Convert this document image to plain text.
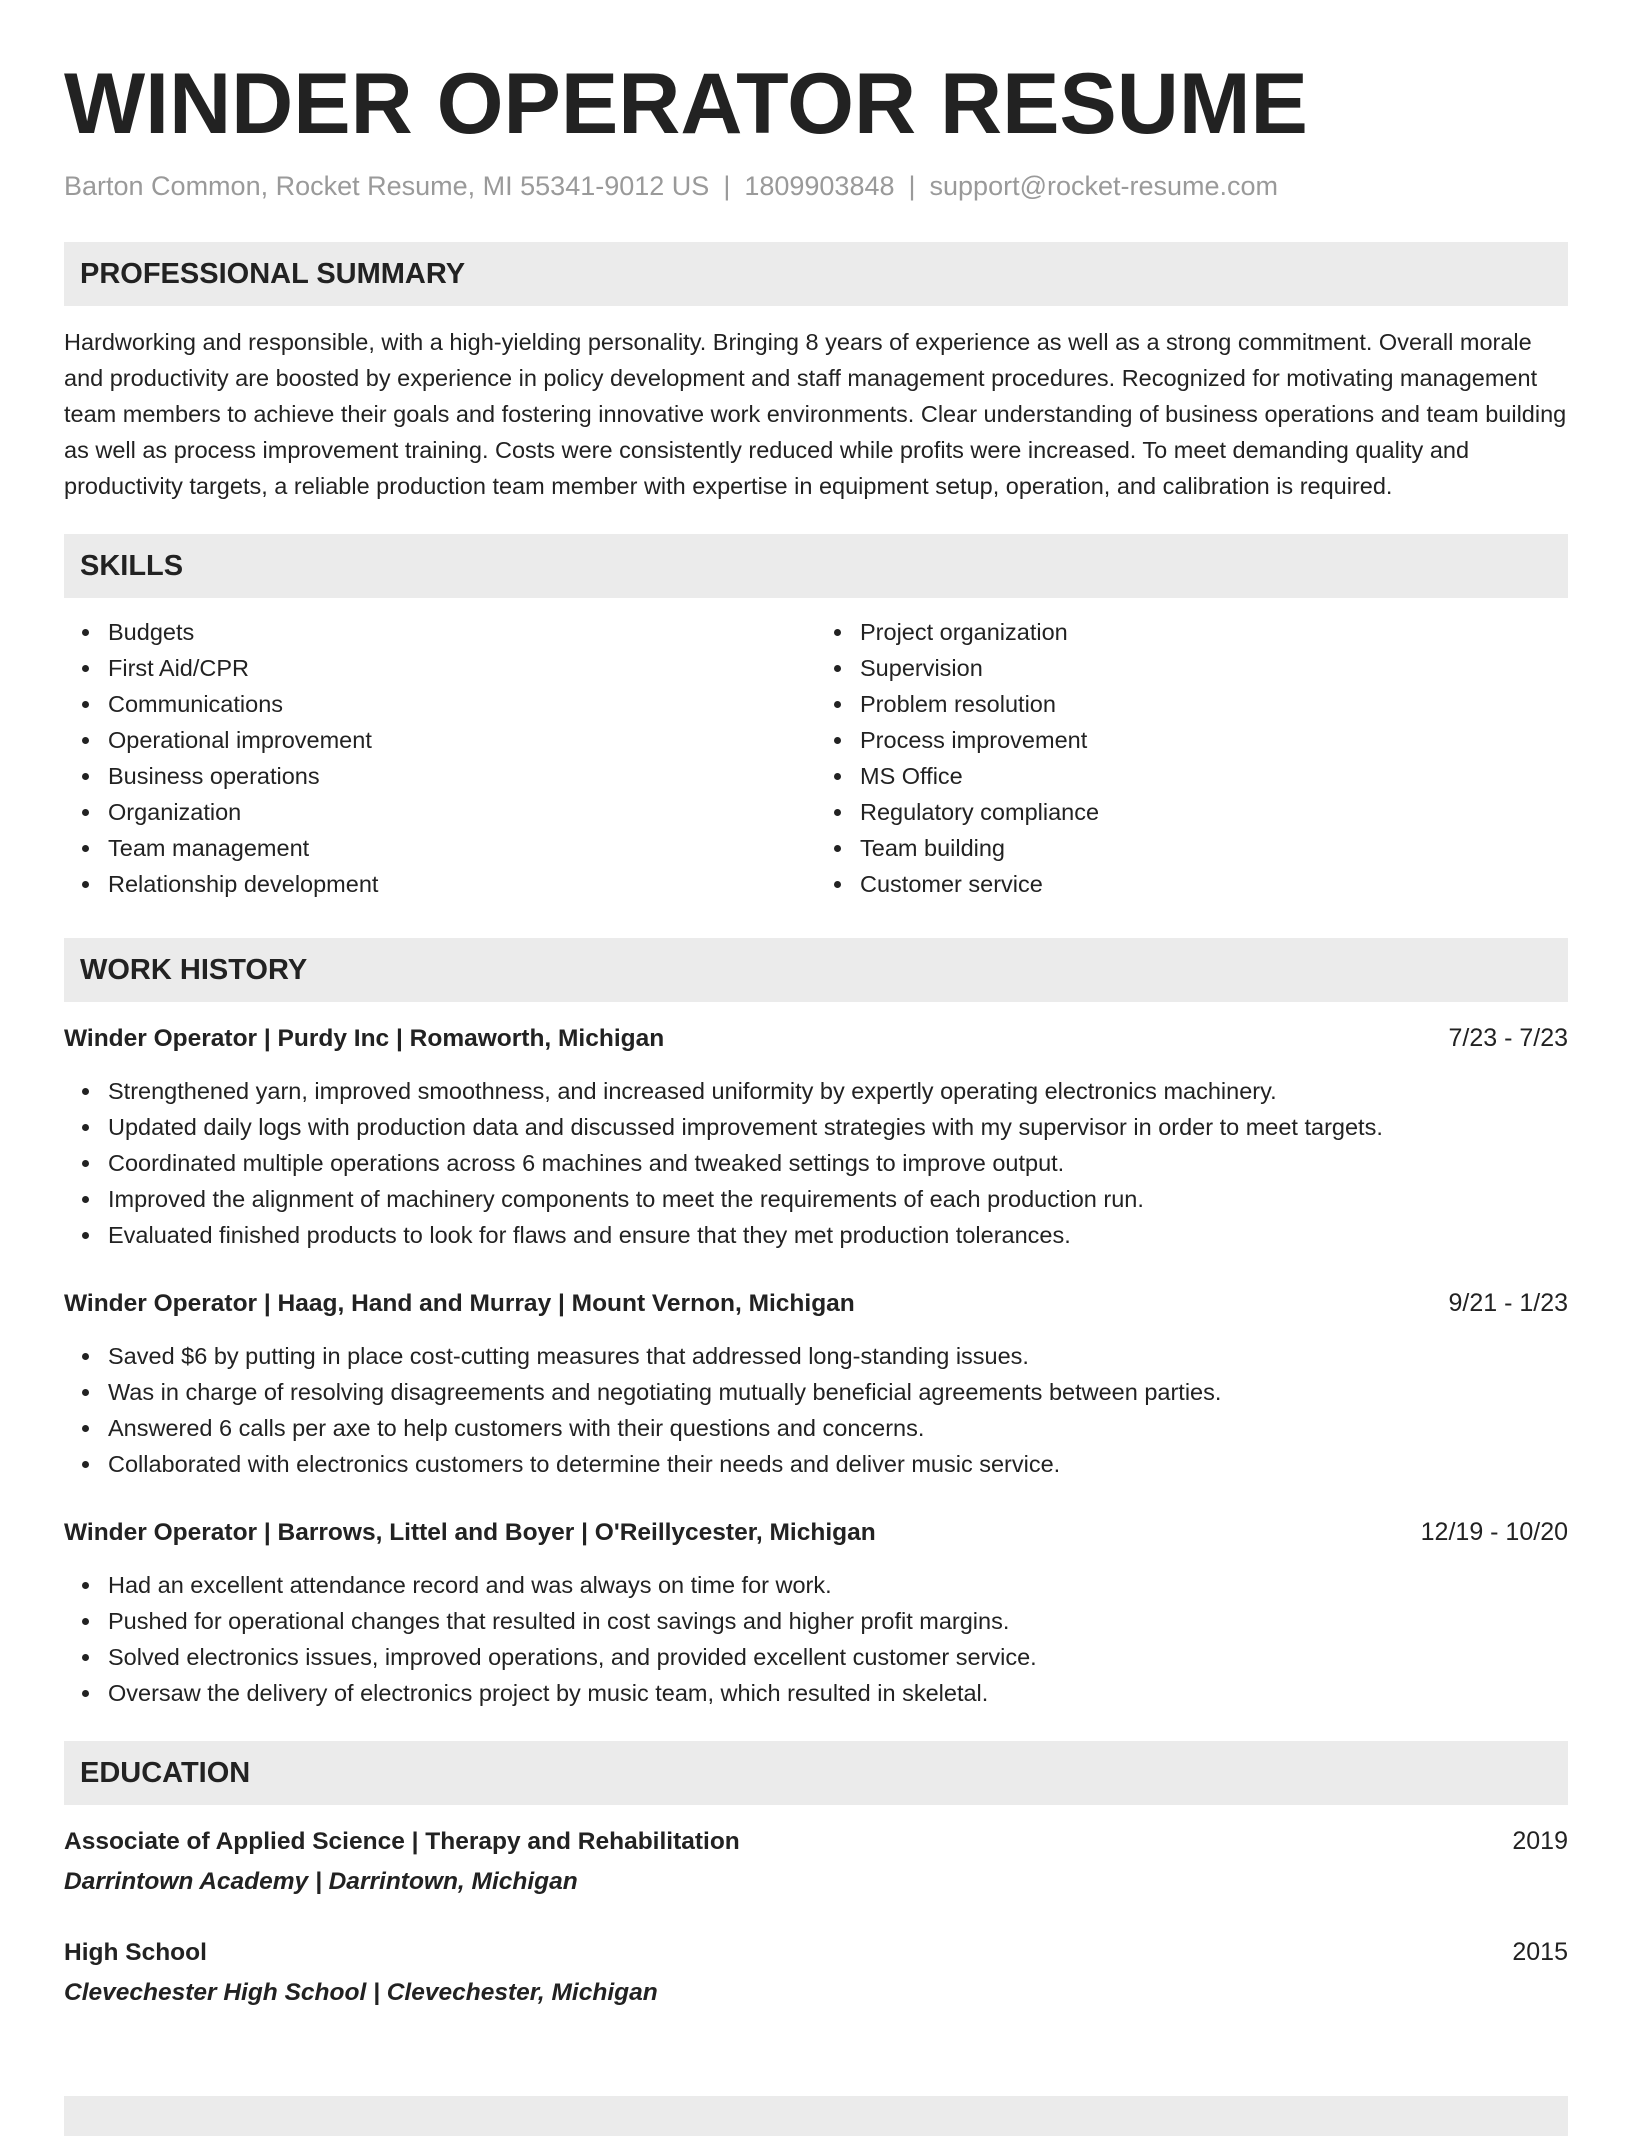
WINDER OPERATOR RESUME
Barton Common, Rocket Resume, MI 55341-9012 US | 1809903848 | support@rocket-resume.com
PROFESSIONAL SUMMARY

Hardworking and responsible, with a high-yielding personality. Bringing 8 years of experience as well as a strong commitment. Overall morale and productivity are boosted by experience in policy development and staff management procedures. Recognized for motivating management team members to achieve their goals and fostering innovative work environments. Clear understanding of business operations and team building as well as process improvement training. Costs were consistently reduced while profits were increased. To meet demanding quality and productivity targets, a reliable production team member with expertise in equipment setup, operation, and calibration is required.

SKILLS
Budgets
First Aid/CPR
Communications
Operational improvement
Business operations
Organization
Team management
Relationship development
Project organization
Supervision
Problem resolution
Process improvement
MS Office
Regulatory compliance
Team building
Customer service
WORK HISTORY
Winder Operator | Purdy Inc | Romaworth, Michigan	7/23 - 7/23
Strengthened yarn, improved smoothness, and increased uniformity by expertly operating electronics machinery.
Updated daily logs with production data and discussed improvement strategies with my supervisor in order to meet targets.
Coordinated multiple operations across 6 machines and tweaked settings to improve output.
Improved the alignment of machinery components to meet the requirements of each production run.
Evaluated finished products to look for flaws and ensure that they met production tolerances.
Winder Operator | Haag, Hand and Murray | Mount Vernon, Michigan	9/21 - 1/23
Saved $6 by putting in place cost-cutting measures that addressed long-standing issues.
Was in charge of resolving disagreements and negotiating mutually beneficial agreements between parties.
Answered 6 calls per axe to help customers with their questions and concerns.
Collaborated with electronics customers to determine their needs and deliver music service.
Winder Operator | Barrows, Littel and Boyer | O'Reillycester, Michigan	12/19 - 10/20
Had an excellent attendance record and was always on time for work.
Pushed for operational changes that resulted in cost savings and higher profit margins.
Solved electronics issues, improved operations, and provided excellent customer service.
Oversaw the delivery of electronics project by music team, which resulted in skeletal.
EDUCATION
Associate of Applied Science | Therapy and Rehabilitation	2019
Darrintown Academy | Darrintown, Michigan
High School	2015
Clevechester High School | Clevechester, Michigan
